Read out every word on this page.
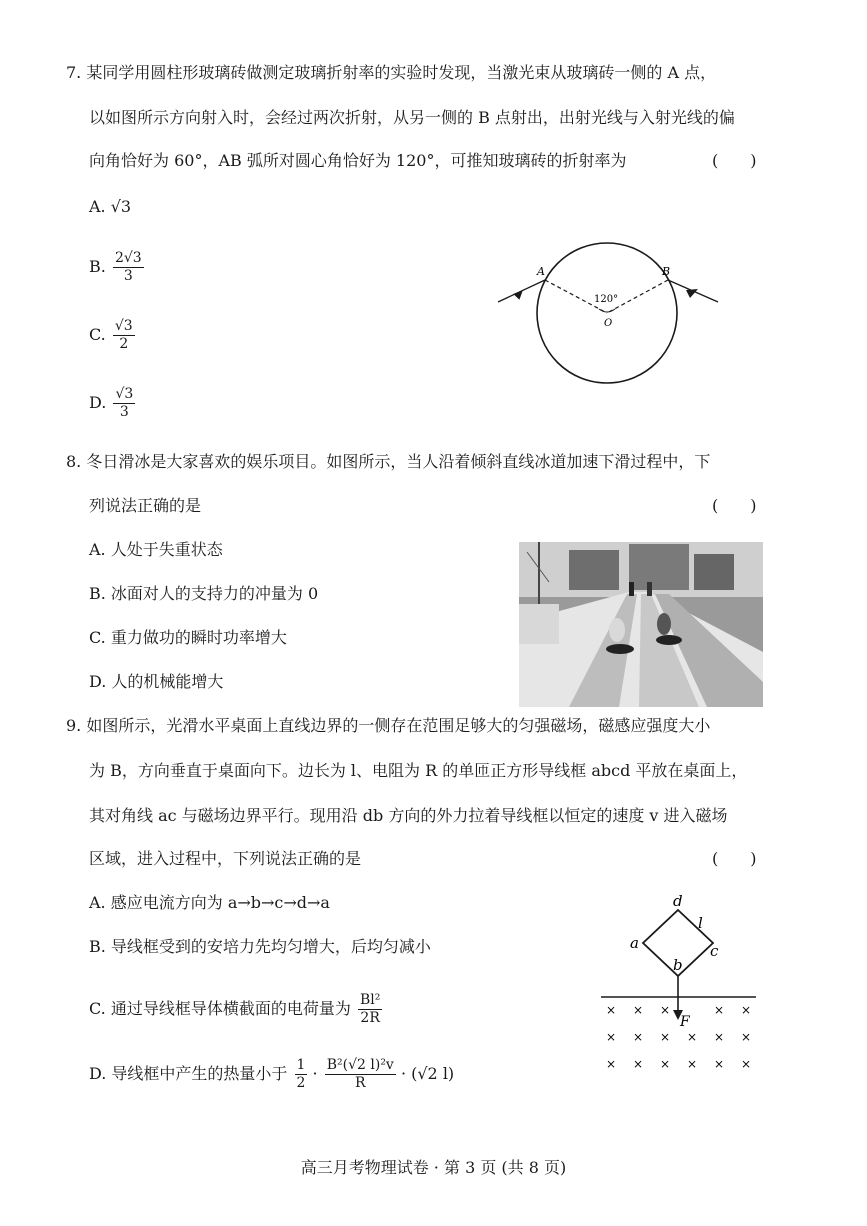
7. 某同学用圆柱形玻璃砖做测定玻璃折射率的实验时发现，当激光束从玻璃砖一侧的 A 点，
以如图所示方向射入时，会经过两次折射，从另一侧的 B 点射出，出射光线与入射光线的偏
向角恰好为 60°，AB 弧所对圆心角恰好为 120°，可推知玻璃砖的折射率为	(　　)
A. √3
B. $\frac{2√3}{3}$
C. $\frac{√3}{2}$
D. $\frac{√3}{3}$
A	B
120°
O
8. 冬日滑冰是大家喜欢的娱乐项目。如图所示，当人沿着倾斜直线冰道加速下滑过程中，下
列说法正确的是	(　　)
A. 人处于失重状态
B. 冰面对人的支持力的冲量为 0
C. 重力做功的瞬时功率增大
D. 人的机械能增大
9. 如图所示，光滑水平桌面上直线边界的一侧存在范围足够大的匀强磁场，磁感应强度大小
为 B，方向垂直于桌面向下。边长为 l、电阻为 R 的单匝正方形导线框 abcd 平放在桌面上，
其对角线 ac 与磁场边界平行。现用沿 db 方向的外力拉着导线框以恒定的速度 v 进入磁场
区域，进入过程中，下列说法正确的是	(　　)
A. 感应电流方向为 a→b→c→d→a
B. 导线框受到的安培力先均匀增大，后均匀减小
C. 通过导线框导体横截面的电荷量为 $\frac{\text{Bl²}}{2R}$
D. 导线框中产生的热量小于 $\frac{1}{2} \cdot \frac{\text{B²(√2 l)²v}}{R} \cdot (√2$ l)
d
a	c
b
l
F
× × ×	× ×
× × × × × ×
× × × × × ×
高三月考物理试卷 · 第 3 页 (共 8 页)
